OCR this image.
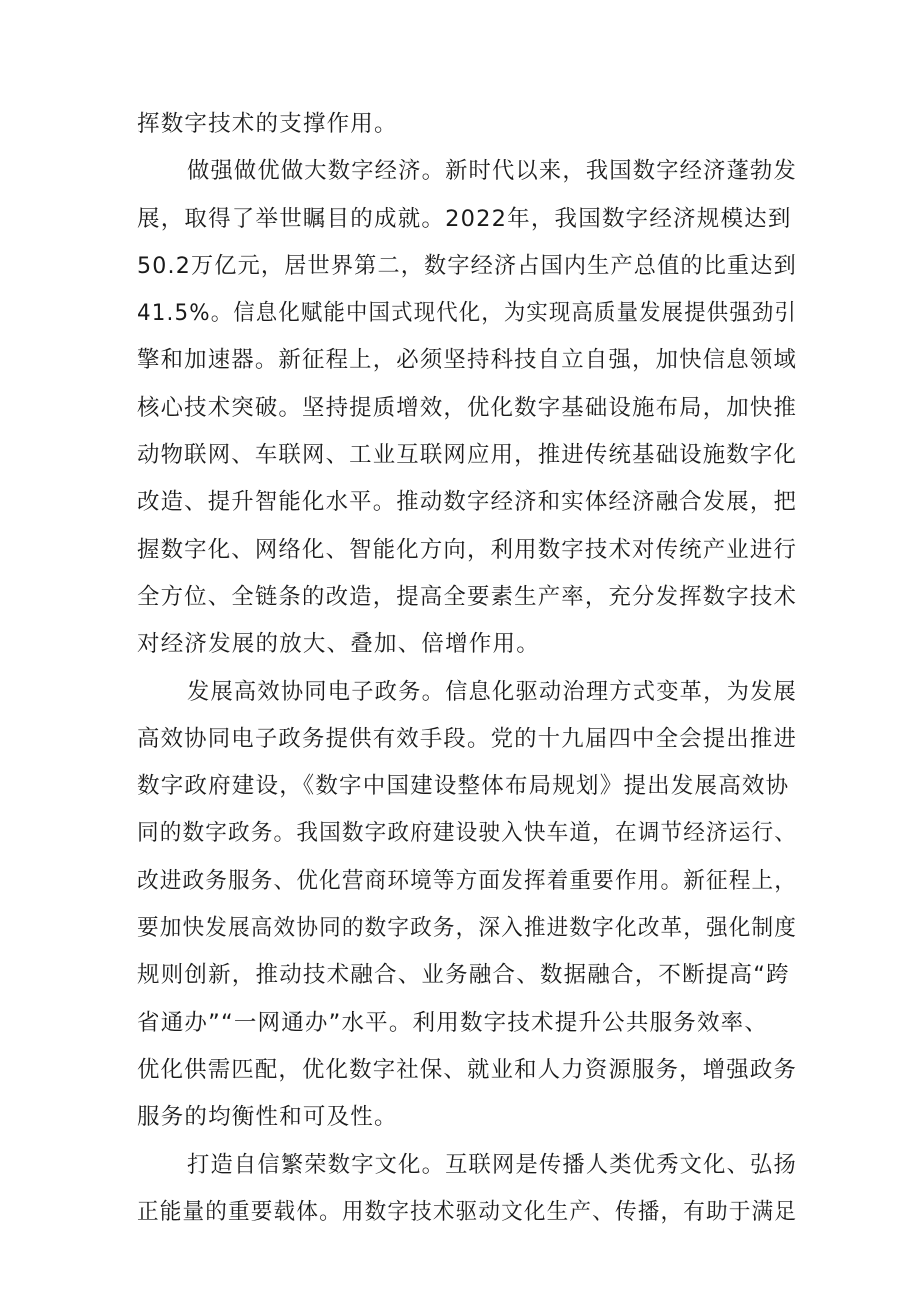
挥数字技术的支撑作用。
做强做优做大数字经济。新时代以来，我国数字经济蓬勃发
展，取得了举世瞩目的成就。2022年，我国数字经济规模达到
50.2万亿元，居世界第二，数字经济占国内生产总值的比重达到
41.5%。信息化赋能中国式现代化，为实现高质量发展提供强劲引
擎和加速器。新征程上，必须坚持科技自立自强，加快信息领域
核心技术突破。坚持提质增效，优化数字基础设施布局，加快推
动物联网、车联网、工业互联网应用，推进传统基础设施数字化
改造、提升智能化水平。推动数字经济和实体经济融合发展，把
握数字化、网络化、智能化方向，利用数字技术对传统产业进行
全方位、全链条的改造，提高全要素生产率，充分发挥数字技术
对经济发展的放大、叠加、倍增作用。
发展高效协同电子政务。信息化驱动治理方式变革，为发展
高效协同电子政务提供有效手段。党的十九届四中全会提出推进
数字政府建设，《数字中国建设整体布局规划》提出发展高效协
同的数字政务。我国数字政府建设驶入快车道，在调节经济运行、
改进政务服务、优化营商环境等方面发挥着重要作用。新征程上，
要加快发展高效协同的数字政务，深入推进数字化改革，强化制度
规则创新，推动技术融合、业务融合、数据融合，不断提高“跨
省通办”“一网通办”水平。利用数字技术提升公共服务效率、
优化供需匹配，优化数字社保、就业和人力资源服务，增强政务
服务的均衡性和可及性。
打造自信繁荣数字文化。互联网是传播人类优秀文化、弘扬
正能量的重要载体。用数字技术驱动文化生产、传播，有助于满足
